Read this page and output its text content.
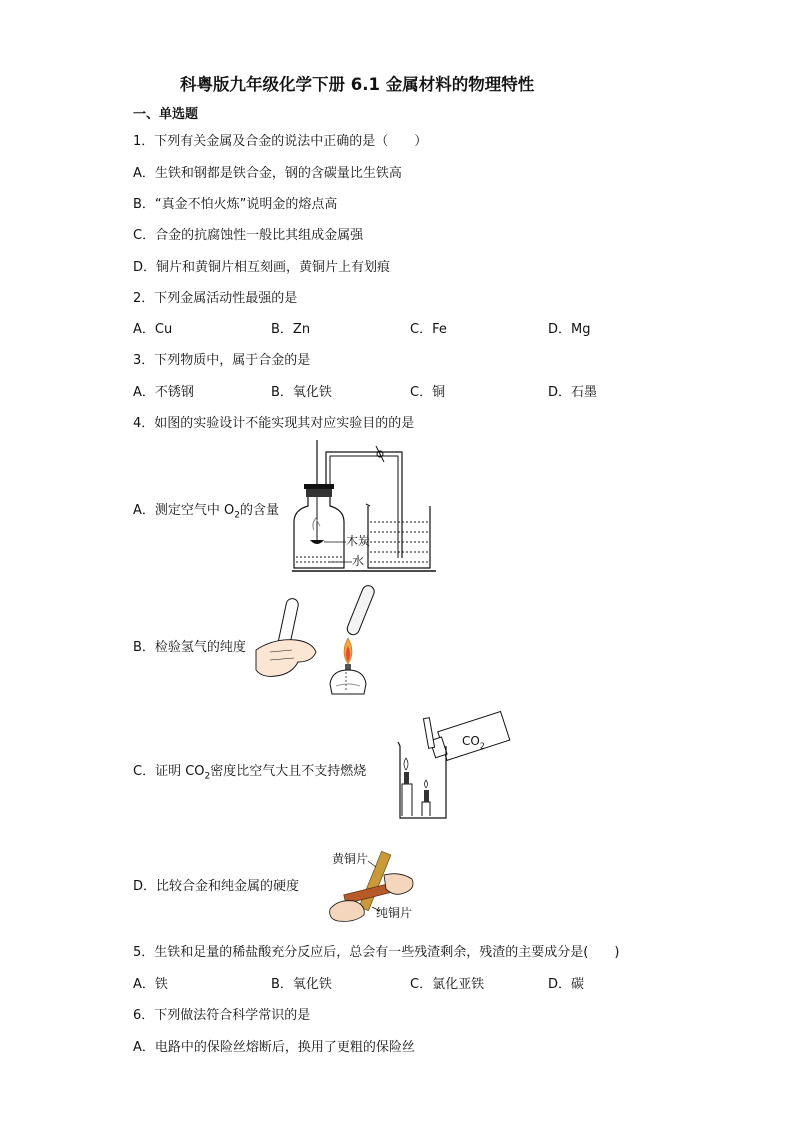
科粤版九年级化学下册 6.1 金属材料的物理特性
一、单选题
1．下列有关金属及合金的说法中正确的是（　　）
A．生铁和钢都是铁合金，钢的含碳量比生铁高
B．“真金不怕火炼”说明金的熔点高
C．合金的抗腐蚀性一般比其组成金属强
D．铜片和黄铜片相互刻画，黄铜片上有划痕
2．下列金属活动性最强的是
A．Cu	B．Zn	C．Fe	D．Mg
3．下列物质中，属于合金的是
A．不锈钢	B．氧化铁	C．铜	D．石墨
4．如图的实验设计不能实现其对应实验目的的是
A．测定空气中 $O_2$的含量
木炭
水
B．检验氢气的纯度
C．证明 $CO_2$密度比空气大且不支持燃烧
$CO_2$
D．比较合金和纯金属的硬度
黄铜片
纯铜片
5．生铁和足量的稀盐酸充分反应后，总会有一些残渣剩余，残渣的主要成分是(　　)
A．铁	B．氧化铁	C．氯化亚铁	D．碳
6．下列做法符合科学常识的是
A．电路中的保险丝熔断后，换用了更粗的保险丝
